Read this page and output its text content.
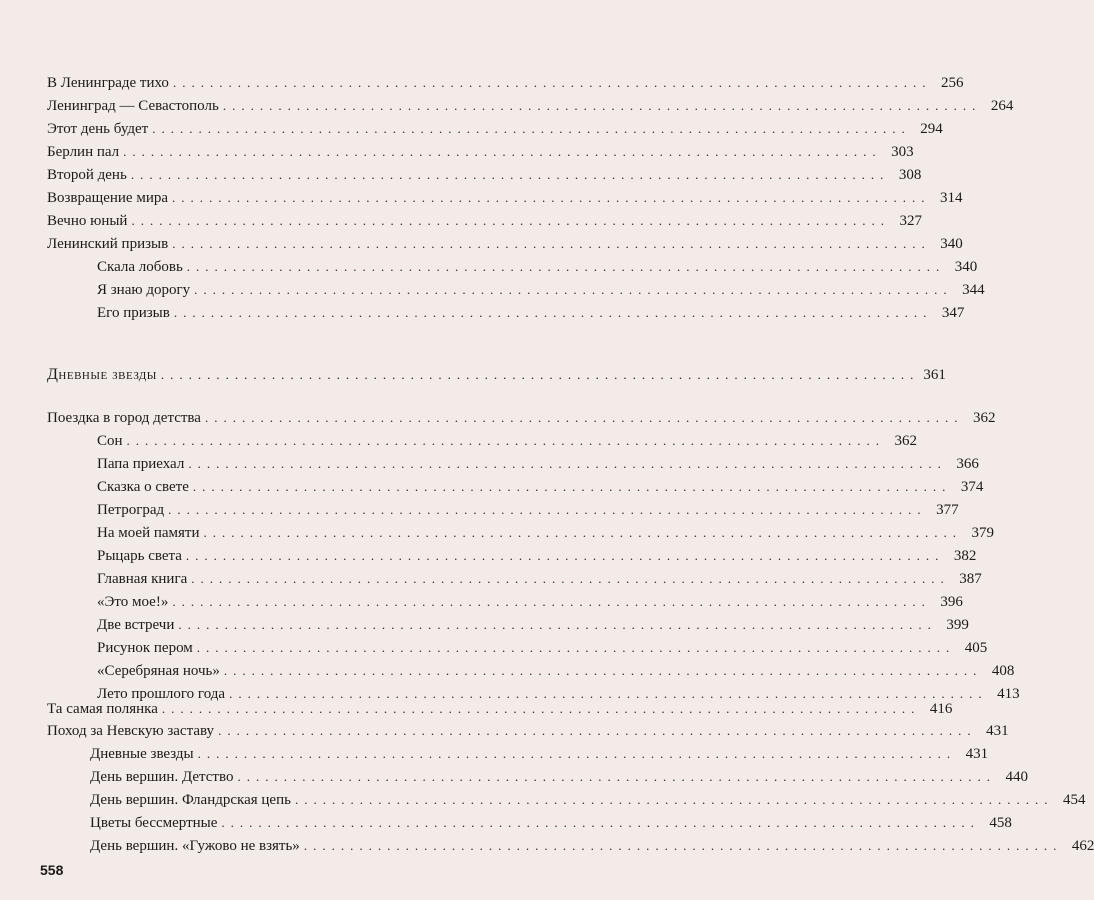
В Ленинграде тихо .................................................................................. 256
Ленинград — Севастополь .................................................................................. 264
Этот день будет .................................................................................. 294
Берлин пал .................................................................................. 303
Второй день .................................................................................. 308
Возвращение мира .................................................................................. 314
Вечно юный .................................................................................. 327
Ленинский призыв .................................................................................. 340
Скала лобовь .................................................................................. 340
Я знаю дорогу .................................................................................. 344
Его призыв .................................................................................. 347
Дневные звезды .................................................................................. 361
Поездка в город детства .................................................................................. 362
Сон .................................................................................. 362
Папа приехал .................................................................................. 366
Сказка о свете .................................................................................. 374
Петроград .................................................................................. 377
На моей памяти .................................................................................. 379
Рыцарь света .................................................................................. 382
Главная книга .................................................................................. 387
«Это мое!» .................................................................................. 396
Две встречи .................................................................................. 399
Рисунок пером .................................................................................. 405
«Серебряная ночь» .................................................................................. 408
Лето прошлого года .................................................................................. 413
Та самая полянка .................................................................................. 416
Поход за Невскую заставу .................................................................................. 431
Дневные звезды .................................................................................. 431
День вершин. Детство .................................................................................. 440
День вершин. Фландрская цепь .................................................................................. 454
Цветы бессмертные .................................................................................. 458
День вершин. «Гужово не взять» .................................................................................. 462
558
